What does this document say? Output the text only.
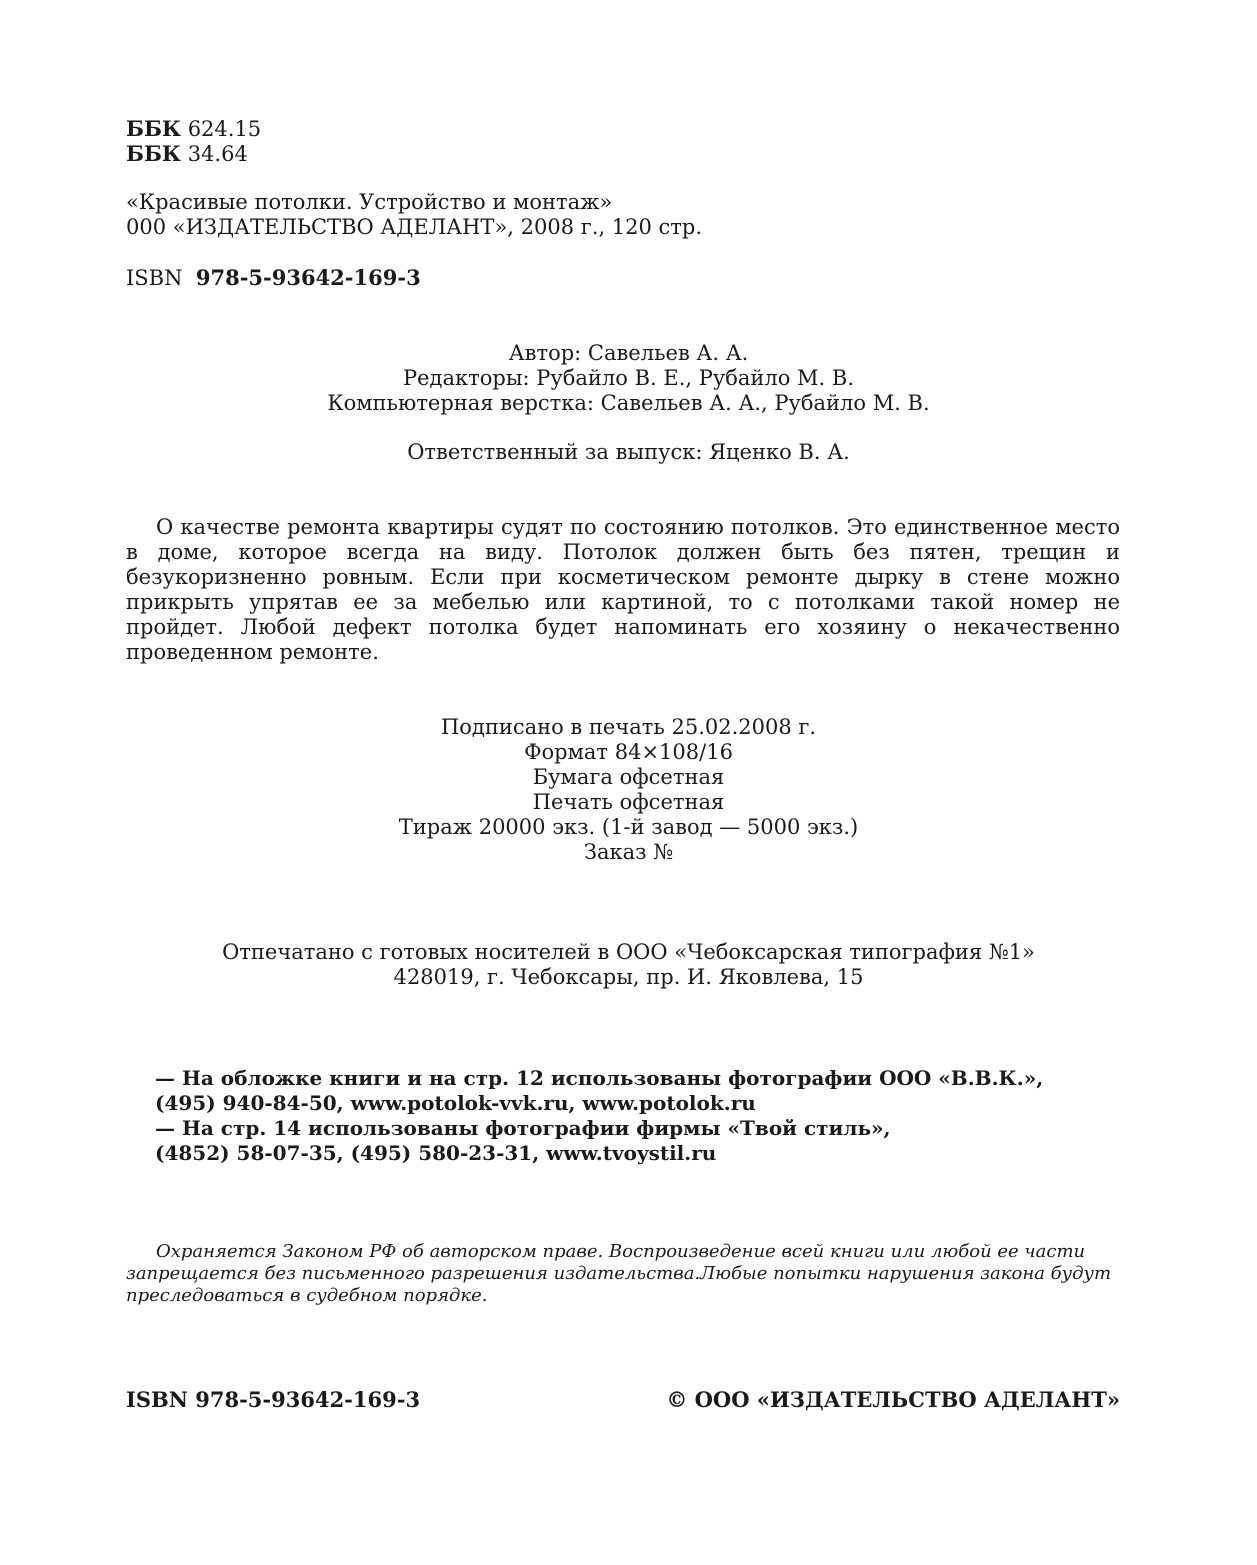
ББК 624.15
ББК 34.64
«Красивые потолки. Устройство и монтаж»
000 «ИЗДАТЕЛЬСТВО АДЕЛАНТ», 2008 г., 120 стр.
ISBN 978-5-93642-169-3
Автор: Савельев А. А.
Редакторы: Рубайло В. Е., Рубайло М. В.
Компьютерная верстка: Савельев А. А., Рубайло М. В.
Ответственный за выпуск: Яценко В. А.
О качестве ремонта квартиры судят по состоянию потолков. Это единственное место в доме, которое всегда на виду. Потолок должен быть без пятен, трещин и безукоризненно ровным. Если при косметическом ремонте дырку в стене можно прикрыть упрятав ее за мебелью или картиной, то с потолками такой номер не пройдет. Любой дефект потолка будет напоминать его хозяину о некачественно проведенном ремонте.
Подписано в печать 25.02.2008 г.
Формат 84×108/16
Бумага офсетная
Печать офсетная
Тираж 20000 экз. (1-й завод — 5000 экз.)
Заказ №
Отпечатано с готовых носителей в ООО «Чебоксарская типография №1»
428019, г. Чебоксары, пр. И. Яковлева, 15
— На обложке книги и на стр. 12 использованы фотографии ООО «В.В.К.»,
(495) 940-84-50, www.potolok-vvk.ru, www.potolok.ru
— На стр. 14 использованы фотографии фирмы «Твой стиль»,
(4852) 58-07-35, (495) 580-23-31, www.tvoystil.ru
Охраняется Законом РФ об авторском праве. Воспроизведение всей книги или любой ее части
запрещается без письменного разрешения издательства.Любые попытки нарушения закона будут
преследоваться в судебном порядке.
ISBN 978-5-93642-169-3	© ООО «ИЗДАТЕЛЬСТВО АДЕЛАНТ»
